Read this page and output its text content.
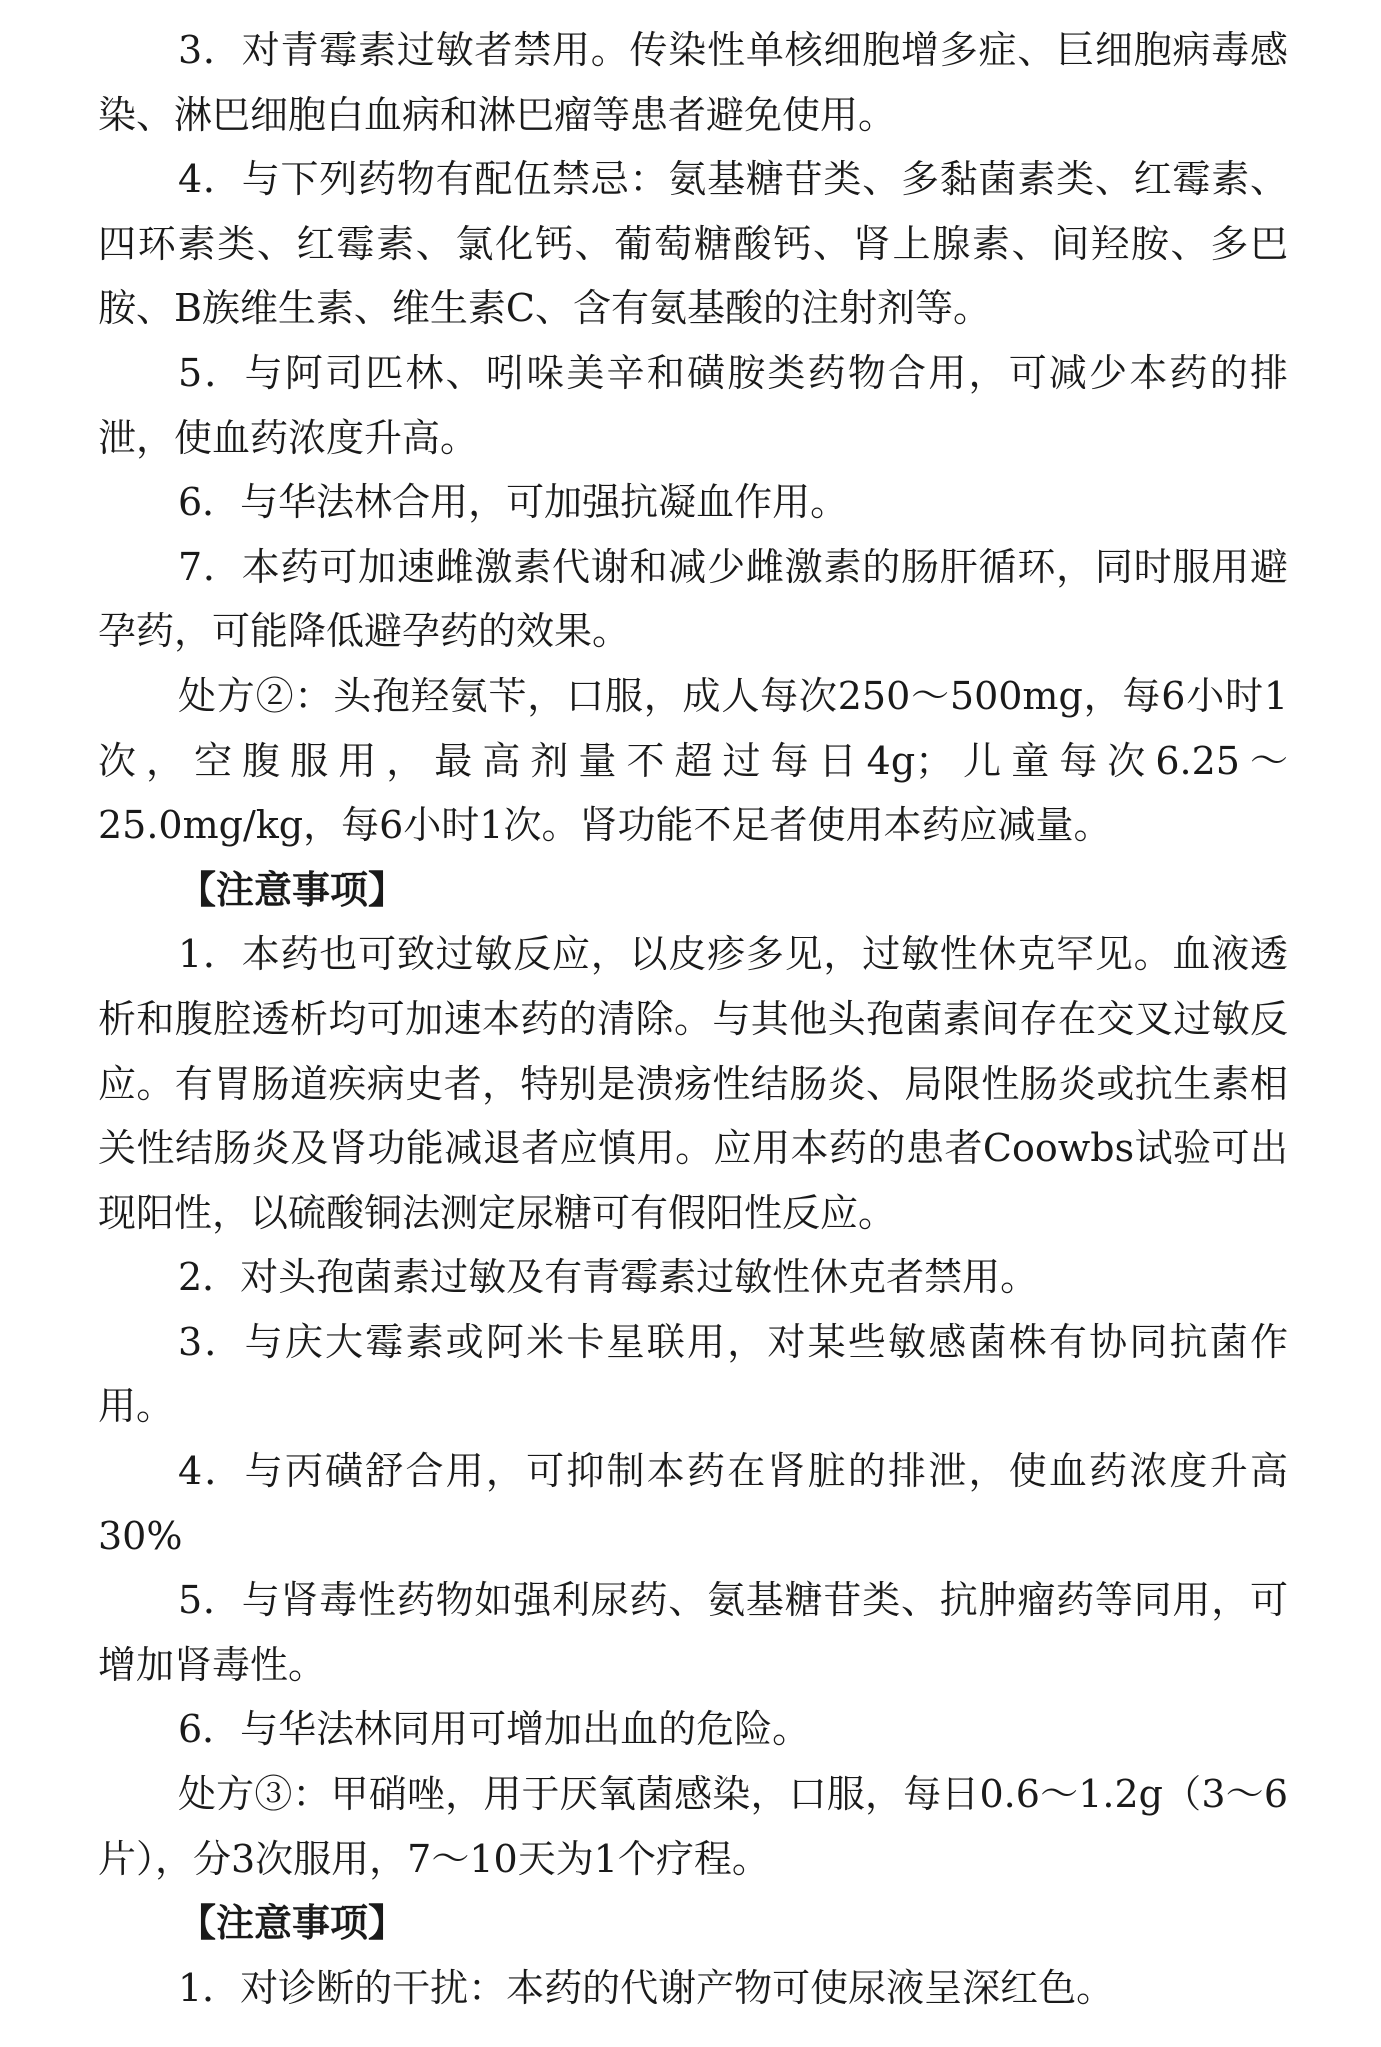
3．对青霉素过敏者禁用。传染性单核细胞增多症、巨细胞病毒感染、淋巴细胞白血病和淋巴瘤等患者避免使用。

4．与下列药物有配伍禁忌：氨基糖苷类、多黏菌素类、红霉素、四环素类、红霉素、氯化钙、葡萄糖酸钙、肾上腺素、间羟胺、多巴胺、B族维生素、维生素C、含有氨基酸的注射剂等。

5．与阿司匹林、吲哚美辛和磺胺类药物合用，可减少本药的排泄，使血药浓度升高。

6．与华法林合用，可加强抗凝血作用。

7．本药可加速雌激素代谢和减少雌激素的肠肝循环，同时服用避孕药，可能降低避孕药的效果。

处方②：头孢羟氨苄，口服，成人每次250～500mg，每6小时1次，空腹服用，最高剂量不超过每日4g；儿童每次6.25～25.0mg/kg，每6小时1次。肾功能不足者使用本药应减量。

【注意事项】

1．本药也可致过敏反应，以皮疹多见，过敏性休克罕见。血液透析和腹腔透析均可加速本药的清除。与其他头孢菌素间存在交叉过敏反应。有胃肠道疾病史者，特别是溃疡性结肠炎、局限性肠炎或抗生素相关性结肠炎及肾功能减退者应慎用。应用本药的患者Coowbs试验可出现阳性，以硫酸铜法测定尿糖可有假阳性反应。

2．对头孢菌素过敏及有青霉素过敏性休克者禁用。

3．与庆大霉素或阿米卡星联用，对某些敏感菌株有协同抗菌作用。

4．与丙磺舒合用，可抑制本药在肾脏的排泄，使血药浓度升高30%

5．与肾毒性药物如强利尿药、氨基糖苷类、抗肿瘤药等同用，可增加肾毒性。

6．与华法林同用可增加出血的危险。

处方③：甲硝唑，用于厌氧菌感染，口服，每日0.6～1.2g（3～6片），分3次服用，7～10天为1个疗程。

【注意事项】

1．对诊断的干扰：本药的代谢产物可使尿液呈深红色。
